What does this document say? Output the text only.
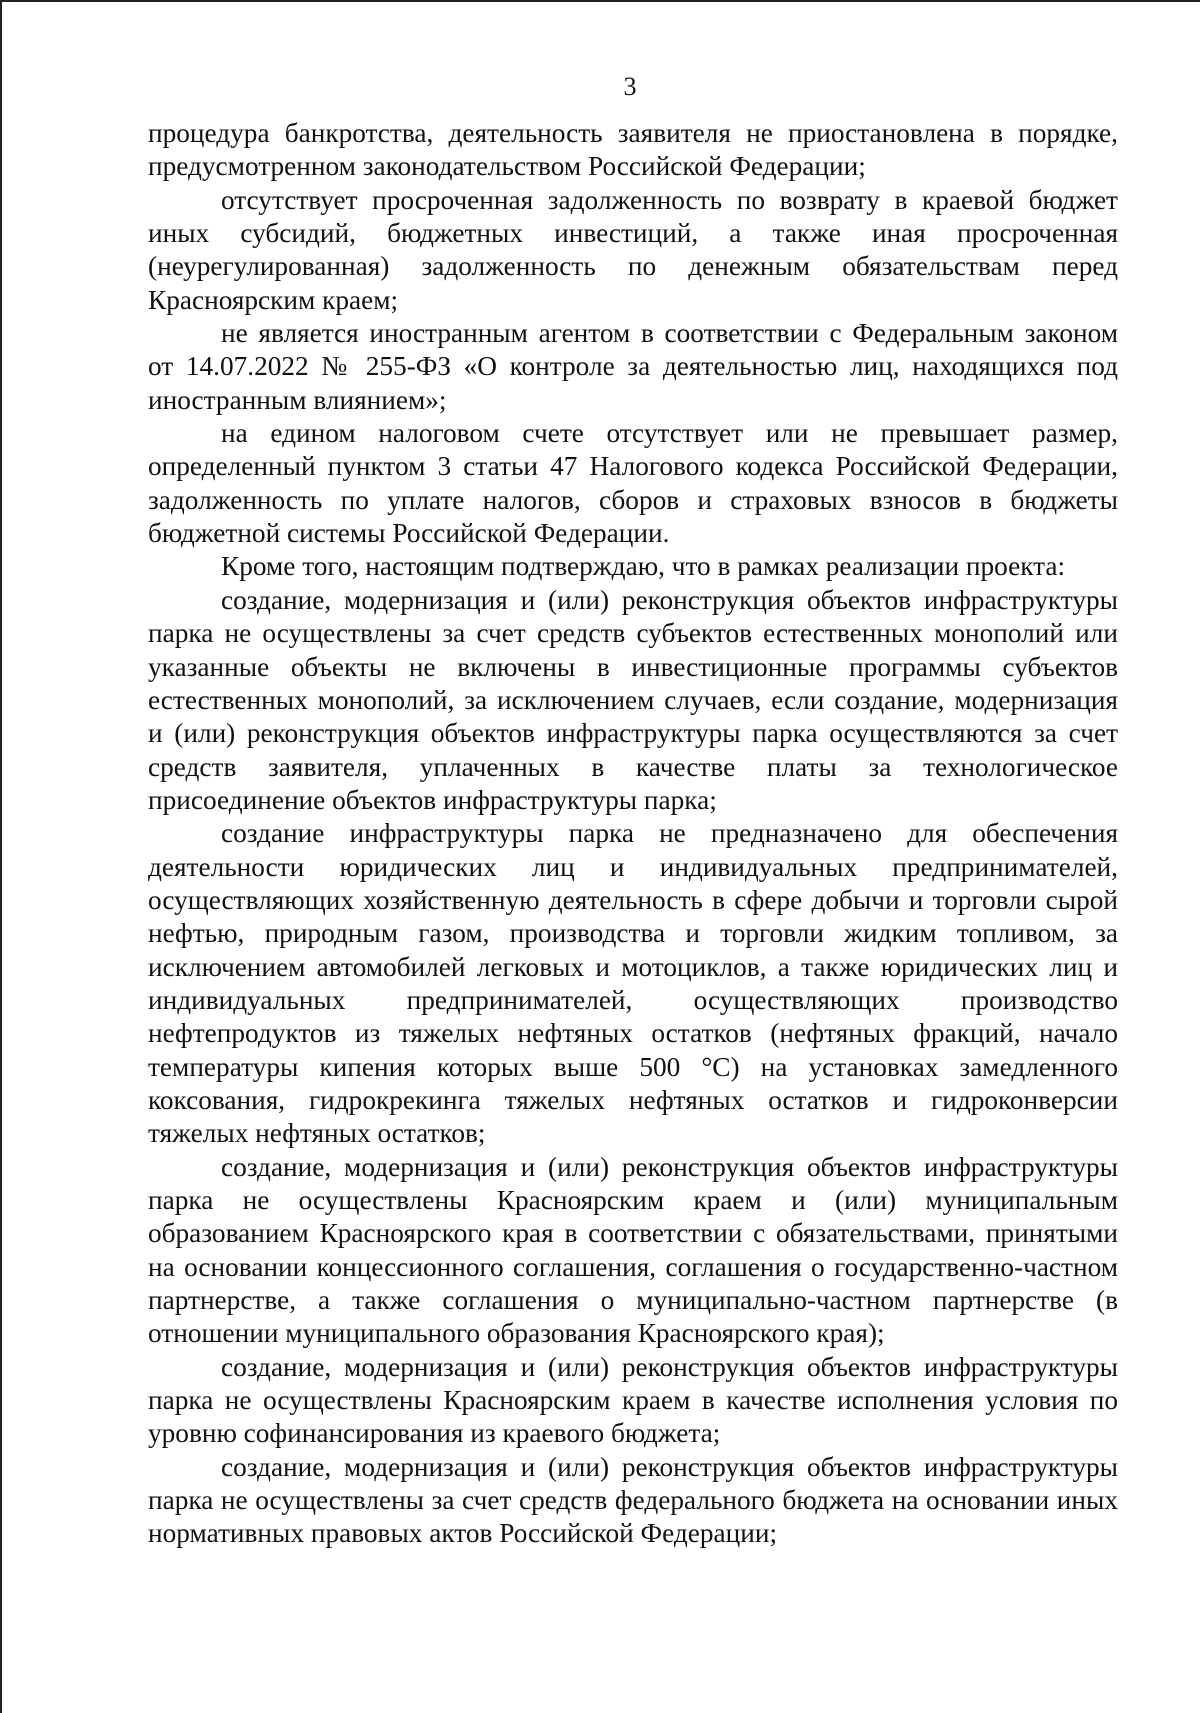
3

процедура банкротства, деятельность заявителя не приостановлена в порядке, предусмотренном законодательством Российской Федерации;

отсутствует просроченная задолженность по возврату в краевой бюджет иных субсидий, бюджетных инвестиций, а также иная просроченная (неурегулированная) задолженность по денежным обязательствам перед Красноярским краем;

не является иностранным агентом в соответствии с Федеральным законом от 14.07.2022 № 255-ФЗ «О контроле за деятельностью лиц, находящихся под иностранным влиянием»;

на едином налоговом счете отсутствует или не превышает размер, определенный пунктом 3 статьи 47 Налогового кодекса Российской Федерации, задолженность по уплате налогов, сборов и страховых взносов в бюджеты бюджетной системы Российской Федерации.

Кроме того, настоящим подтверждаю, что в рамках реализации проекта:

создание, модернизация и (или) реконструкция объектов инфраструктуры парка не осуществлены за счет средств субъектов естественных монополий или указанные объекты не включены в инвестиционные программы субъектов естественных монополий, за исключением случаев, если создание, модернизация и (или) реконструкция объектов инфраструктуры парка осуществляются за счет средств заявителя, уплаченных в качестве платы за технологическое присоединение объектов инфраструктуры парка;

создание инфраструктуры парка не предназначено для обеспечения деятельности юридических лиц и индивидуальных предпринимателей, осуществляющих хозяйственную деятельность в сфере добычи и торговли сырой нефтью, природным газом, производства и торговли жидким топливом, за исключением автомобилей легковых и мотоциклов, а также юридических лиц и индивидуальных предпринимателей, осуществляющих производство нефтепродуктов из тяжелых нефтяных остатков (нефтяных фракций, начало температуры кипения которых выше 500 °С) на установках замедленного коксования, гидрокрекинга тяжелых нефтяных остатков и гидроконверсии тяжелых нефтяных остатков;

создание, модернизация и (или) реконструкция объектов инфраструктуры парка не осуществлены Красноярским краем и (или) муниципальным образованием Красноярского края в соответствии с обязательствами, принятыми на основании концессионного соглашения, соглашения о государственно-частном партнерстве, а также соглашения о муниципально-частном партнерстве (в отношении муниципального образования Красноярского края);

создание, модернизация и (или) реконструкция объектов инфраструктуры парка не осуществлены Красноярским краем в качестве исполнения условия по уровню софинансирования из краевого бюджета;

создание, модернизация и (или) реконструкция объектов инфраструктуры парка не осуществлены за счет средств федерального бюджета на основании иных нормативных правовых актов Российской Федерации;
